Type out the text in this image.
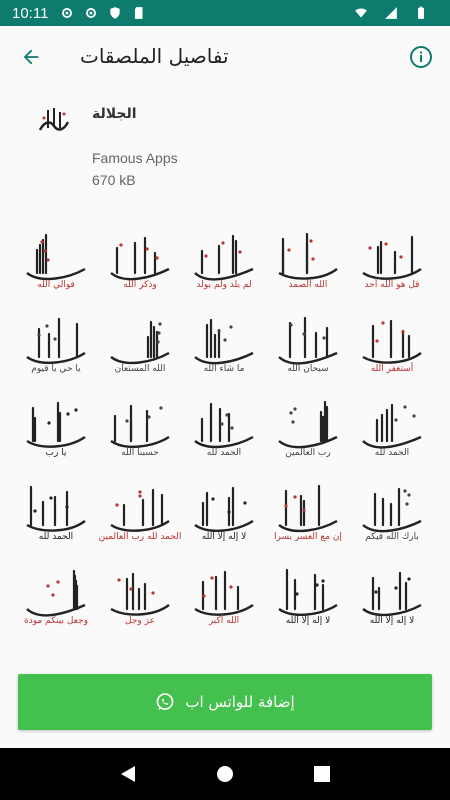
10:11
تفاصيل الملصقات
الجلالة
Famous Apps
670 kB
فوالي الله	وذكر الله	لم يلد ولم يولد	الله الصمد	قل هو الله أحد
يا حي يا قيوم	الله المستعان	ما شاء الله	سبحان الله	أستغفر الله
يا رب	حسبنا الله	الحمد لله	رب العالمين	الحمد لله
الحمد لله	الحمد لله رب العالمين لا إله إلا الله	إن مع العسر يسرا	بارك الله فيكم
وجعل بينكم مودة	عز وجل	الله أكبر	لا إله إلا الله	لا إله إلا الله
إضافة للواتس اب
